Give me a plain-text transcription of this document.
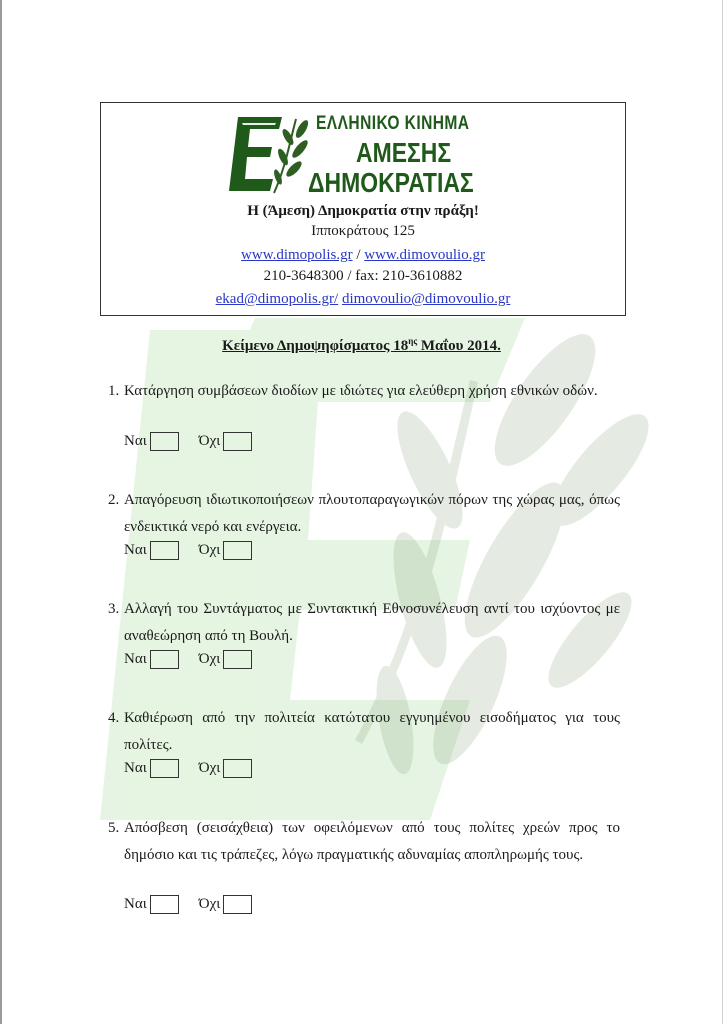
ΕΛΛΗΝΙΚΟ ΚΙΝΗΜΑ
ΑΜΕΣΗΣ
ΔΗΜΟΚΡΑΤΙΑΣ
Η (Άμεση) Δημοκρατία στην πράξη!
Ιπποκράτους 125
www.dimopolis.gr / www.dimovoulio.gr
210-3648300 / fax: 210-3610882
ekad@dimopolis.gr/ dimovoulio@dimovoulio.gr
Κείμενο Δημοψηφίσματος $18^{\eta\varsigma}$ Μαΐου 2014.
1. Κατάργηση συμβάσεων διοδίων με ιδιώτες για ελεύθερη χρήση εθνικών οδών.
Ναι	Όχι
2. Απαγόρευση ιδιωτικοποιήσεων πλουτοπαραγωγικών πόρων της χώρας μας, όπως ενδεικτικά νερό και ενέργεια.
Ναι	Όχι
3. Αλλαγή του Συντάγματος με Συντακτική Εθνοσυνέλευση αντί του ισχύοντος με αναθεώρηση από τη Βουλή.
Ναι	Όχι
4. Καθιέρωση από την πολιτεία κατώτατου εγγυημένου εισοδήματος για τους πολίτες.
Ναι	Όχι
5. Απόσβεση (σεισάχθεια) των οφειλόμενων από τους πολίτες χρεών προς το δημόσιο και τις τράπεζες, λόγω πραγματικής αδυναμίας αποπληρωμής τους.
Ναι	Όχι
